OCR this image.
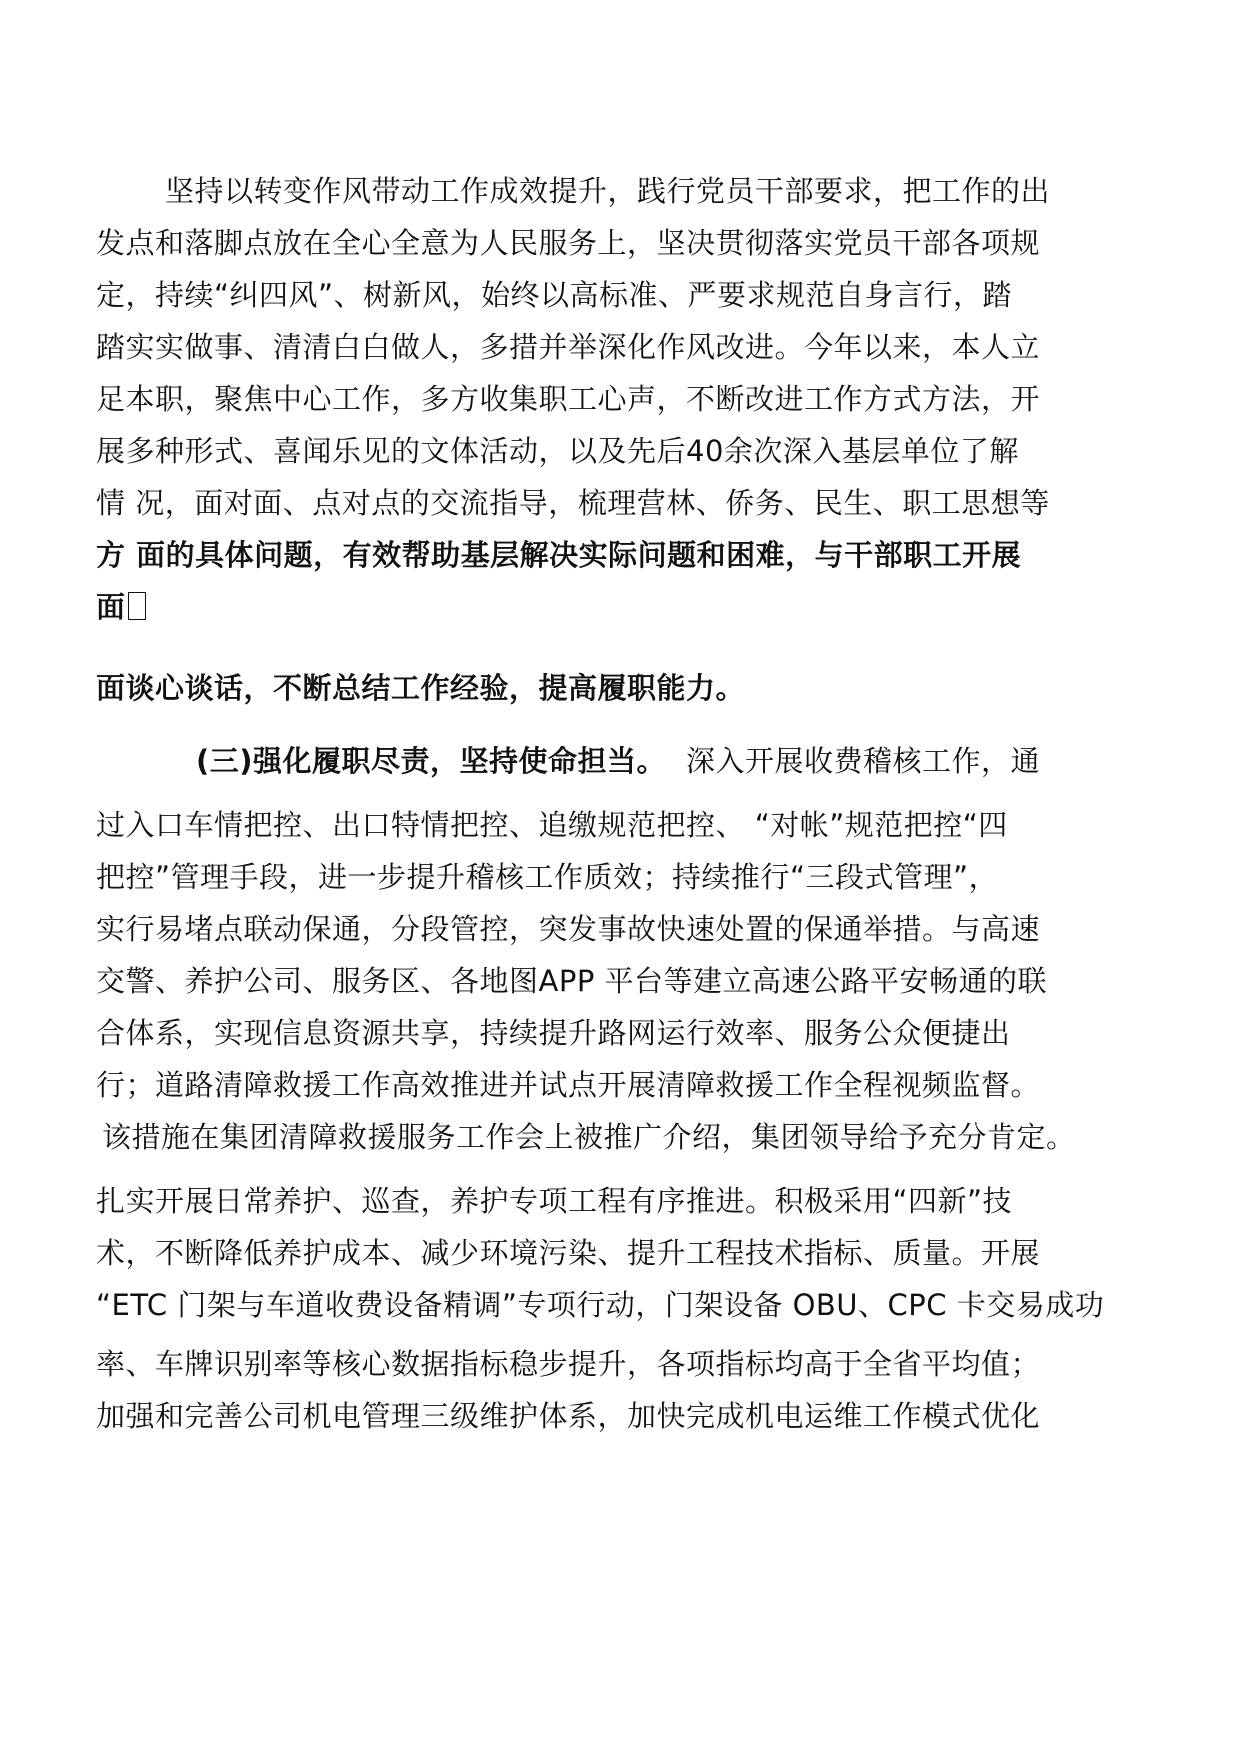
坚持以转变作风带动工作成效提升，践行党员干部要求，把工作的出
发点和落脚点放在全心全意为人民服务上，坚决贯彻落实党员干部各项规
定，持续“纠四风”、树新风，始终以高标准、严要求规范自身言行，踏
踏实实做事、清清白白做人，多措并举深化作风改进。今年以来，本人立
足本职，聚焦中心工作，多方收集职工心声，不断改进工作方式方法，开
展多种形式、喜闻乐见的文体活动，以及先后40余次深入基层单位了解
情 况，面对面、点对点的交流指导，梳理营林、侨务、民生、职工思想等
方 面的具体问题，有效帮助基层解决实际问题和困难，与干部职工开展
面
面谈心谈话，不断总结工作经验，提高履职能力。
(三)强化履职尽责，坚持使命担当。 深入开展收费稽核工作，通
过入口车情把控、出口特情把控、追缴规范把控、 “对帐”规范把控“四
把控”管理手段，进一步提升稽核工作质效；持续推行“三段式管理”，
实行易堵点联动保通，分段管控，突发事故快速处置的保通举措。与高速
交警、养护公司、服务区、各地图APP 平台等建立高速公路平安畅通的联
合体系，实现信息资源共享，持续提升路网运行效率、服务公众便捷出
行；道路清障救援工作高效推进并试点开展清障救援工作全程视频监督。
该措施在集团清障救援服务工作会上被推广介绍，集团领导给予充分肯定。
扎实开展日常养护、巡查，养护专项工程有序推进。积极采用“四新”技
术，不断降低养护成本、减少环境污染、提升工程技术指标、质量。开展
“ETC 门架与车道收费设备精调”专项行动，门架设备 OBU、CPC 卡交易成功
率、车牌识别率等核心数据指标稳步提升，各项指标均高于全省平均值；
加强和完善公司机电管理三级维护体系，加快完成机电运维工作模式优化
